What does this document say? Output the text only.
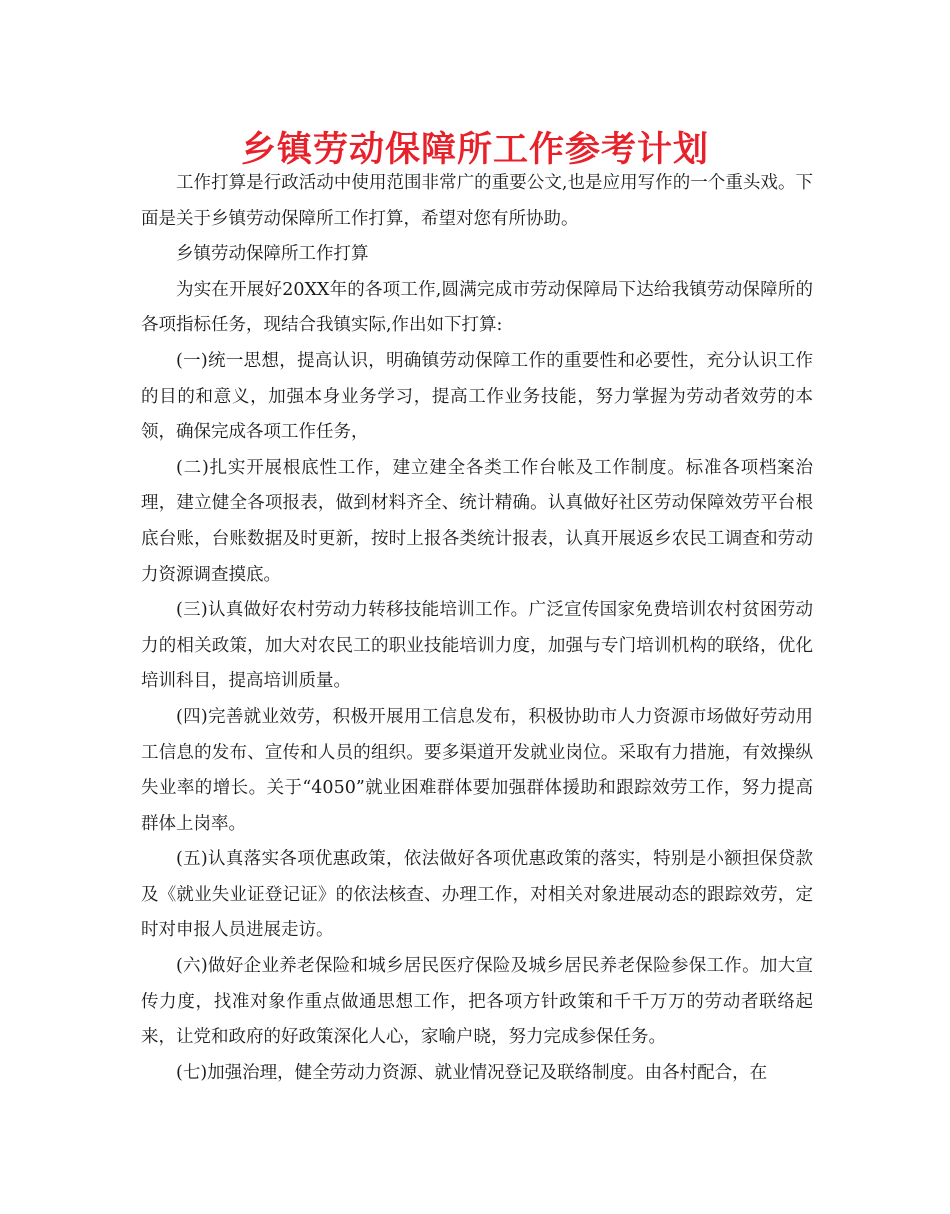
乡镇劳动保障所工作参考计划

工作打算是行政活动中使用范围非常广的重要公文,也是应用写作的一个重头戏。下面是关于乡镇劳动保障所工作打算，希望对您有所协助。

乡镇劳动保障所工作打算

为实在开展好20XX年的各项工作,圆满完成市劳动保障局下达给我镇劳动保障所的各项指标任务，现结合我镇实际,作出如下打算:

(一)统一思想，提高认识，明确镇劳动保障工作的重要性和必要性，充分认识工作的目的和意义，加强本身业务学习，提高工作业务技能，努力掌握为劳动者效劳的本领，确保完成各项工作任务，

(二)扎实开展根底性工作，建立建全各类工作台帐及工作制度。标准各项档案治理，建立健全各项报表，做到材料齐全、统计精确。认真做好社区劳动保障效劳平台根底台账，台账数据及时更新，按时上报各类统计报表，认真开展返乡农民工调查和劳动力资源调查摸底。

(三)认真做好农村劳动力转移技能培训工作。广泛宣传国家免费培训农村贫困劳动力的相关政策，加大对农民工的职业技能培训力度，加强与专门培训机构的联络，优化培训科目，提高培训质量。

(四)完善就业效劳，积极开展用工信息发布，积极协助市人力资源市场做好劳动用工信息的发布、宣传和人员的组织。要多渠道开发就业岗位。采取有力措施，有效操纵失业率的增长。关于“4050”就业困难群体要加强群体援助和跟踪效劳工作，努力提高群体上岗率。

(五)认真落实各项优惠政策，依法做好各项优惠政策的落实，特别是小额担保贷款及《就业失业证登记证》的依法核查、办理工作，对相关对象进展动态的跟踪效劳，定时对申报人员进展走访。

(六)做好企业养老保险和城乡居民医疗保险及城乡居民养老保险参保工作。加大宣传力度，找准对象作重点做通思想工作，把各项方针政策和千千万万的劳动者联络起来，让党和政府的好政策深化人心，家喻户晓，努力完成参保任务。

(七)加强治理，健全劳动力资源、就业情况登记及联络制度。由各村配合，在
